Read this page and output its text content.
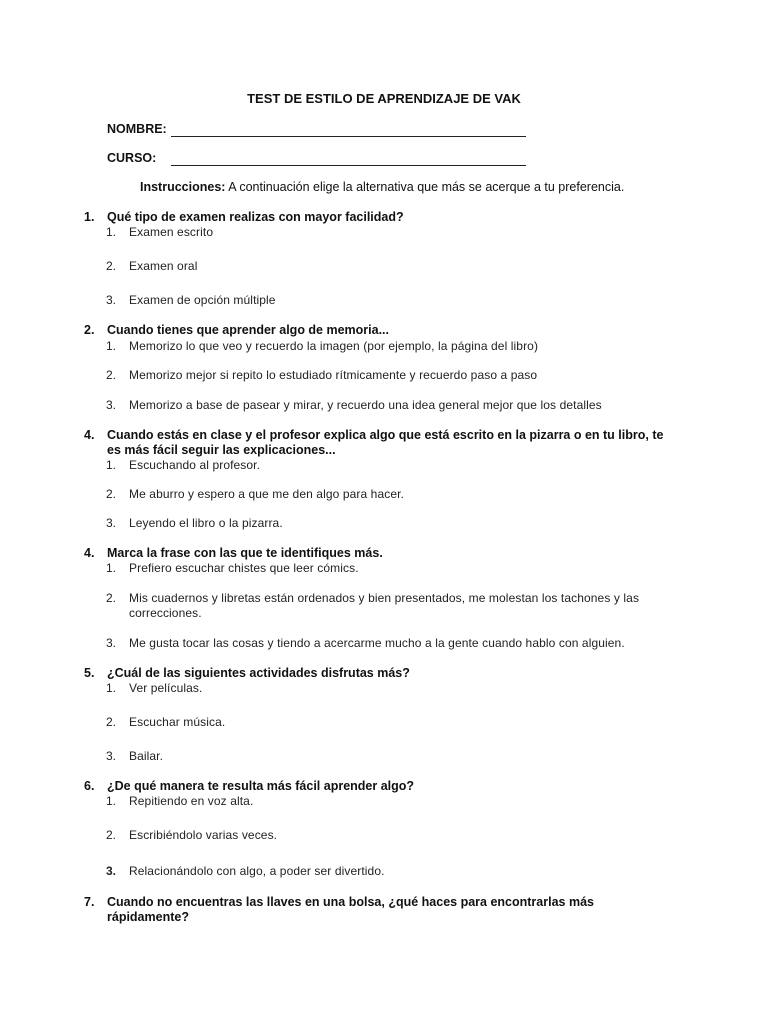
TEST DE ESTILO DE APRENDIZAJE DE VAK
NOMBRE:
CURSO:
Instrucciones: A continuación elige la alternativa que más se acerque a tu preferencia.
1. Qué tipo de examen realizas con mayor facilidad?
1. Examen escrito
2. Examen oral
3. Examen de opción múltiple
2. Cuando tienes que aprender algo de memoria...
1. Memorizo lo que veo y recuerdo la imagen (por ejemplo, la página del libro)
2. Memorizo mejor si repito lo estudiado rítmicamente y recuerdo paso a paso
3. Memorizo a base de pasear y mirar, y recuerdo una idea general mejor que los detalles
4. Cuando estás en clase y el profesor explica algo que está escrito en la pizarra o en tu libro, te es más fácil seguir las explicaciones...
1. Escuchando al profesor.
2. Me aburro y espero a que me den algo para hacer.
3. Leyendo el libro o la pizarra.
4. Marca la frase con las que te identifiques más.
1. Prefiero escuchar chistes que leer cómics.
2. Mis cuadernos y libretas están ordenados y bien presentados, me molestan los tachones y las correcciones.
3. Me gusta tocar las cosas y tiendo a acercarme mucho a la gente cuando hablo con alguien.
5. ¿Cuál de las siguientes actividades disfrutas más?
1. Ver películas.
2. Escuchar música.
3. Bailar.
6. ¿De qué manera te resulta más fácil aprender algo?
1. Repitiendo en voz alta.
2. Escribiéndolo varias veces.
3. Relacionándolo con algo, a poder ser divertido.
7. Cuando no encuentras las llaves en una bolsa, ¿qué haces para encontrarlas más rápidamente?
